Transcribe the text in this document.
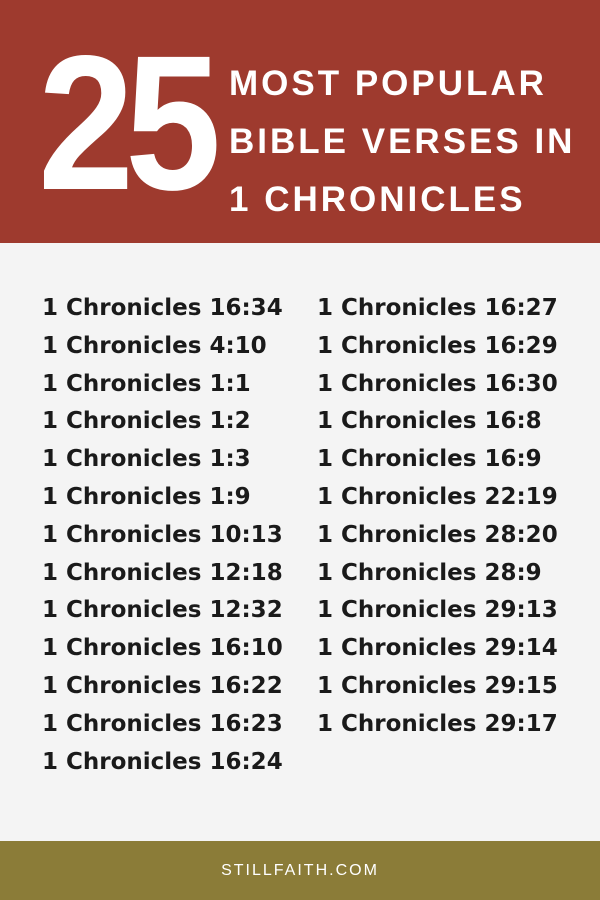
25 MOST POPULAR
BIBLE VERSES IN
1 CHRONICLES
1 Chronicles 16:34
1 Chronicles 4:10
1 Chronicles 1:1
1 Chronicles 1:2
1 Chronicles 1:3
1 Chronicles 1:9
1 Chronicles 10:13
1 Chronicles 12:18
1 Chronicles 12:32
1 Chronicles 16:10
1 Chronicles 16:22
1 Chronicles 16:23
1 Chronicles 16:24
1 Chronicles 16:27
1 Chronicles 16:29
1 Chronicles 16:30
1 Chronicles 16:8
1 Chronicles 16:9
1 Chronicles 22:19
1 Chronicles 28:20
1 Chronicles 28:9
1 Chronicles 29:13
1 Chronicles 29:14
1 Chronicles 29:15
1 Chronicles 29:17
STILLFAITH.COM
